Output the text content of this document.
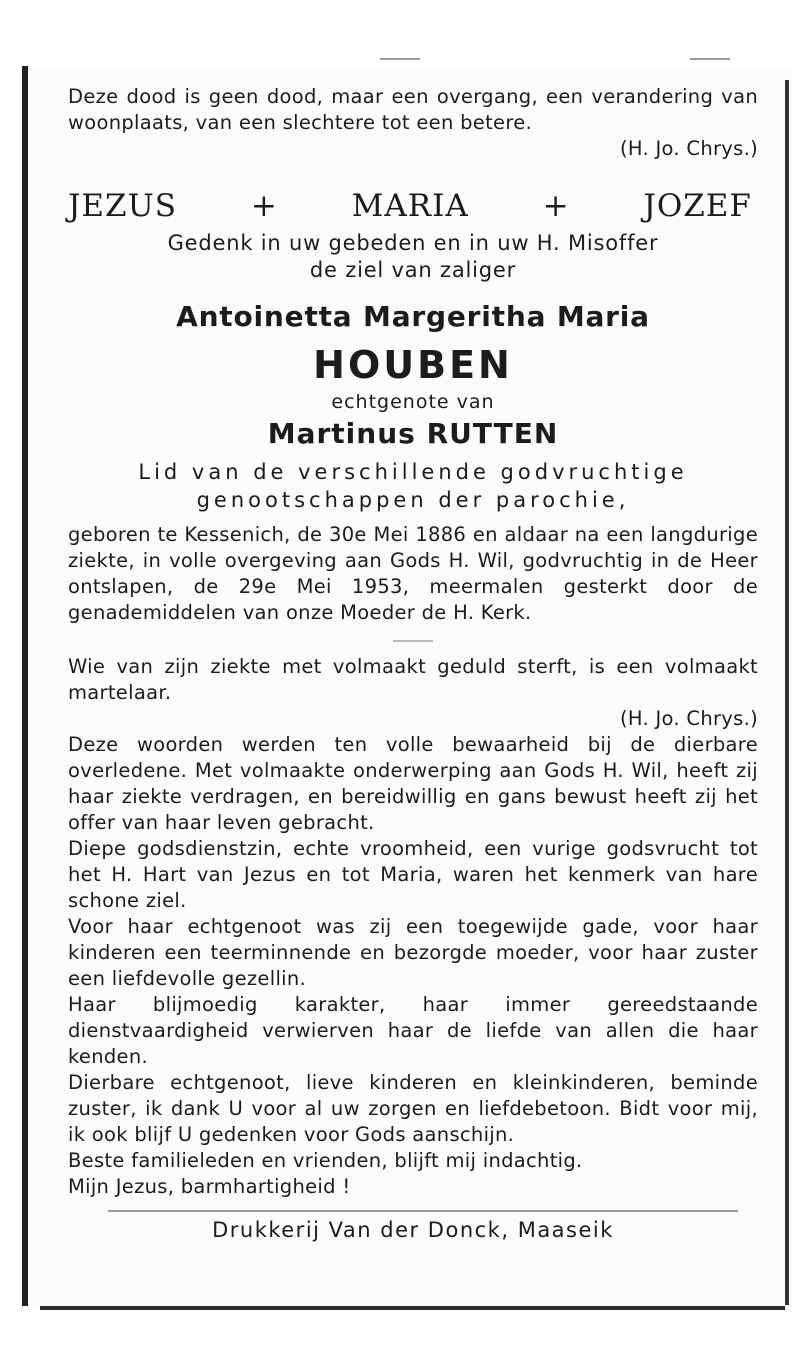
Deze dood is geen dood, maar een overgang, een verandering van woonplaats, van een slechtere tot een betere.
(H. Jo. Chrys.)
JEZUS + MARIA + JOZEF
Gedenk in uw gebeden en in uw H. Misoffer
de ziel van zaliger
Antoinetta Margeritha Maria
HOUBEN
echtgenote van
Martinus RUTTEN
Lid van de verschillende godvruchtige genootschappen der parochie,
geboren te Kessenich, de 30e Mei 1886 en aldaar na een langdurige ziekte, in volle overgeving aan Gods H. Wil, godvruchtig in de Heer ontslapen, de 29e Mei 1953, meermalen gesterkt door de genademiddelen van onze Moeder de H. Kerk.
Wie van zijn ziekte met volmaakt geduld sterft, is een volmaakt martelaar.
(H. Jo. Chrys.)
Deze woorden werden ten volle bewaarheid bij de dierbare overledene. Met volmaakte onderwerping aan Gods H. Wil, heeft zij haar ziekte verdragen, en bereidwillig en gans bewust heeft zij het offer van haar leven gebracht.
Diepe godsdienstzin, echte vroomheid, een vurige godsvrucht tot het H. Hart van Jezus en tot Maria, waren het kenmerk van hare schone ziel.
Voor haar echtgenoot was zij een toegewijde gade, voor haar kinderen een teerminnende en bezorgde moeder, voor haar zuster een liefdevolle gezellin.
Haar blijmoedig karakter, haar immer gereedstaande dienstvaardigheid verwierven haar de liefde van allen die haar kenden.
Dierbare echtgenoot, lieve kinderen en kleinkinderen, beminde zuster, ik dank U voor al uw zorgen en liefdebetoon. Bidt voor mij, ik ook blijf U gedenken voor Gods aanschijn.
Beste familieleden en vrienden, blijft mij indachtig.
Mijn Jezus, barmhartigheid !
Drukkerij Van der Donck, Maaseik
